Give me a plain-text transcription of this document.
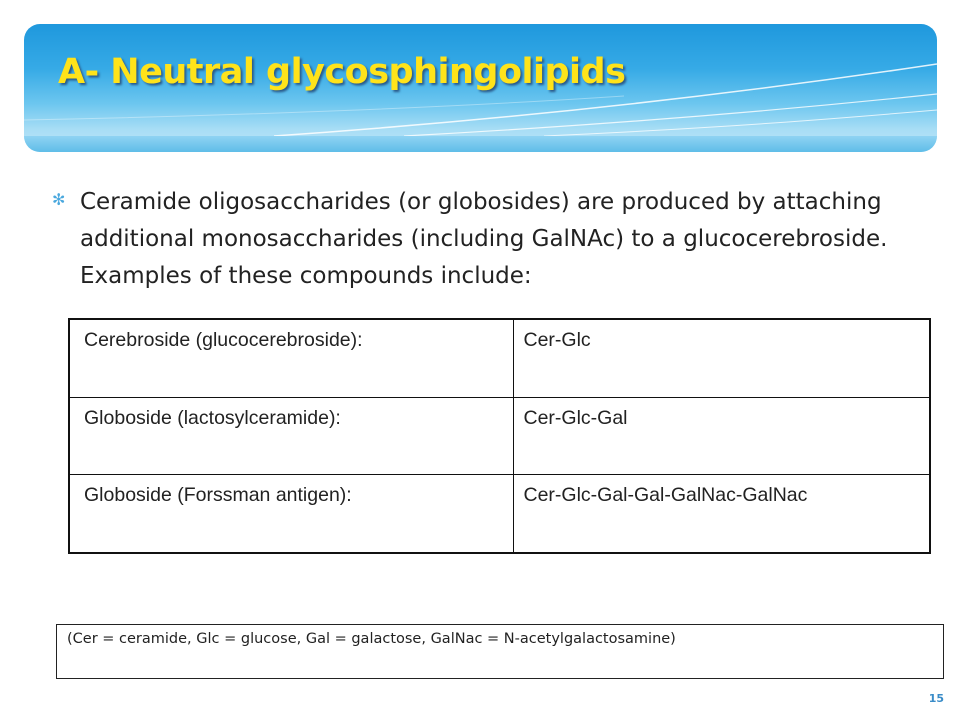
A- Neutral glycosphingolipids
✻ Ceramide oligosaccharides (or globosides) are produced by attaching additional monosaccharides (including GalNAc) to a glucocerebroside. Examples of these compounds include:

Cerebroside (glucocerebroside):	Cer-Glc
Globoside (lactosylceramide):	Cer-Glc-Gal
Globoside (Forssman antigen):	Cer-Glc-Gal-Gal-GalNac-GalNac

(Cer = ceramide, Glc = glucose, Gal = galactose, GalNac = N-acetylgalactosamine)

15
